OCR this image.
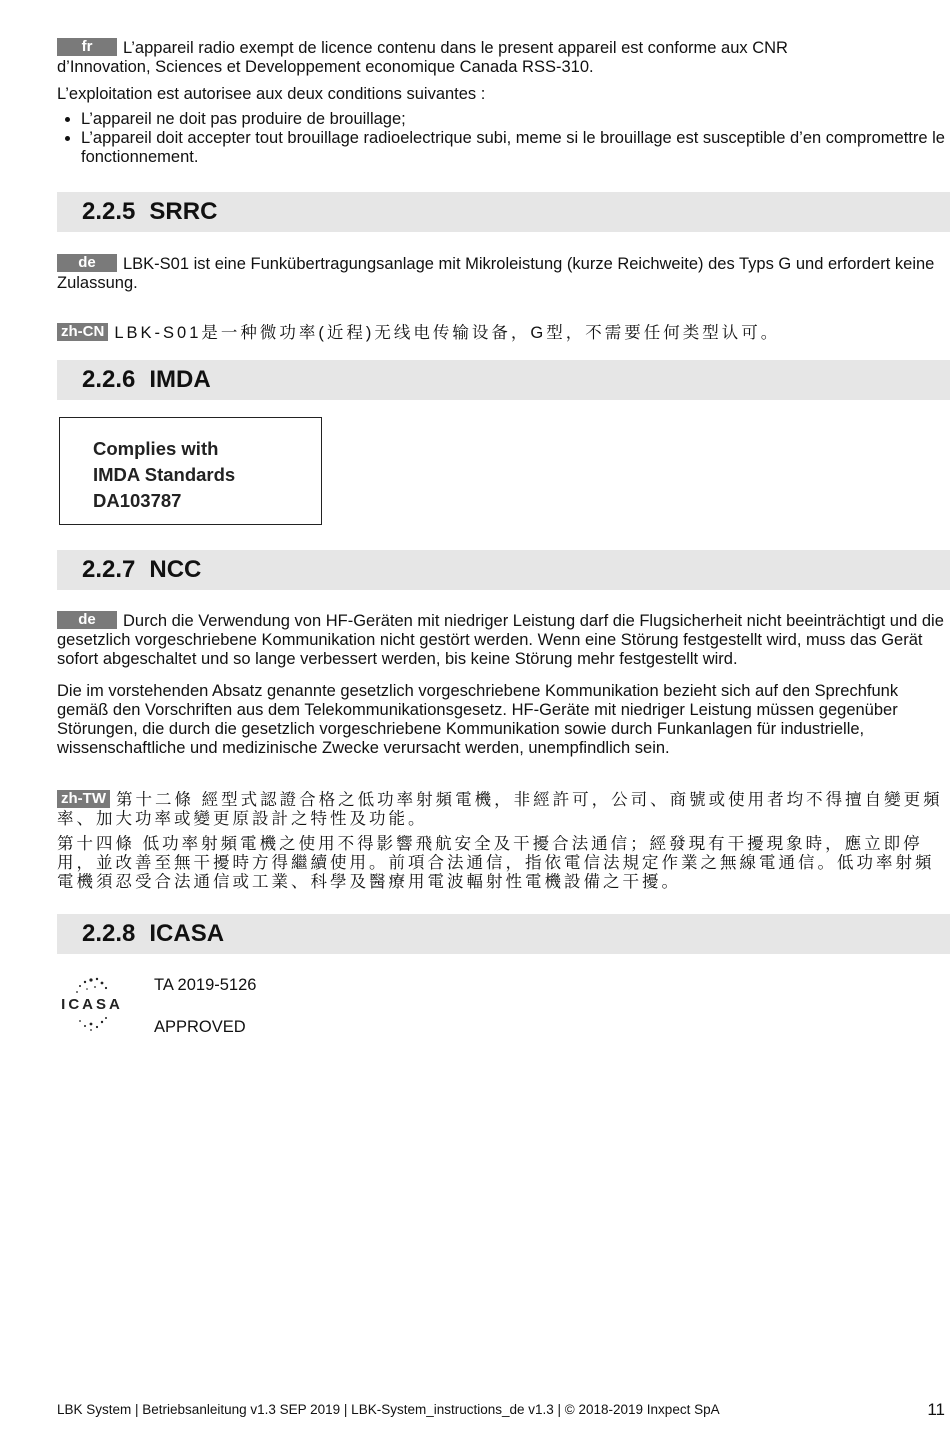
fr L’appareil radio exempt de licence contenu dans le present appareil est conforme aux CNR
d’Innovation, Sciences et Developpement economique Canada RSS-310.

L’exploitation est autorisee aux deux conditions suivantes :

• L’appareil ne doit pas produire de brouillage;
• L’appareil doit accepter tout brouillage radioelectrique subi, meme si le brouillage est susceptible d’en compromettre le fonctionnement.
2.2.5 SRRC

de LBK-S01 ist eine Funkübertragungsanlage mit Mikroleistung (kurze Reichweite) des Typs G und erfordert keine Zulassung.

zh-CN LBK-S01是一种微功率(近程)无线电传输设备，G型，不需要任何类型认可。

2.2.6 IMDA
Complies with
IMDA Standards
DA103787
2.2.7 NCC

de Durch die Verwendung von HF-Geräten mit niedriger Leistung darf die Flugsicherheit nicht beeinträchtigt und die gesetzlich vorgeschriebene Kommunikation nicht gestört werden. Wenn eine Störung festgestellt wird, muss das Gerät sofort abgeschaltet und so lange verbessert werden, bis keine Störung mehr festgestellt wird.

Die im vorstehenden Absatz genannte gesetzlich vorgeschriebene Kommunikation bezieht sich auf den Sprechfunk gemäß den Vorschriften aus dem Telekommunikationsgesetz. HF-Geräte mit niedriger Leistung müssen gegenüber Störungen, die durch die gesetzlich vorgeschriebene Kommunikation sowie durch Funkanlagen für industrielle, wissenschaftliche und medizinische Zwecke verursacht werden, unempfindlich sein.

zh-TW 第十二條 經型式認證合格之低功率射頻電機，非經許可，公司、商號或使用者均不得擅自變更頻率、加大功率或變更原設計之特性及功能。

第十四條 低功率射頻電機之使用不得影響飛航安全及干擾合法通信；經發現有干擾現象時，應立即停用，並改善至無干擾時方得繼續使用。前項合法通信，指依電信法規定作業之無線電通信。低功率射頻電機須忍受合法通信或工業、科學及醫療用電波輻射性電機設備之干擾。

2.2.8 ICASA
ICASA

TA 2019-5126

APPROVED

LBK System | Betriebsanleitung v1.3 SEP 2019 | LBK-System_instructions_de v1.3 | © 2018-2019 Inxpect SpA	11
